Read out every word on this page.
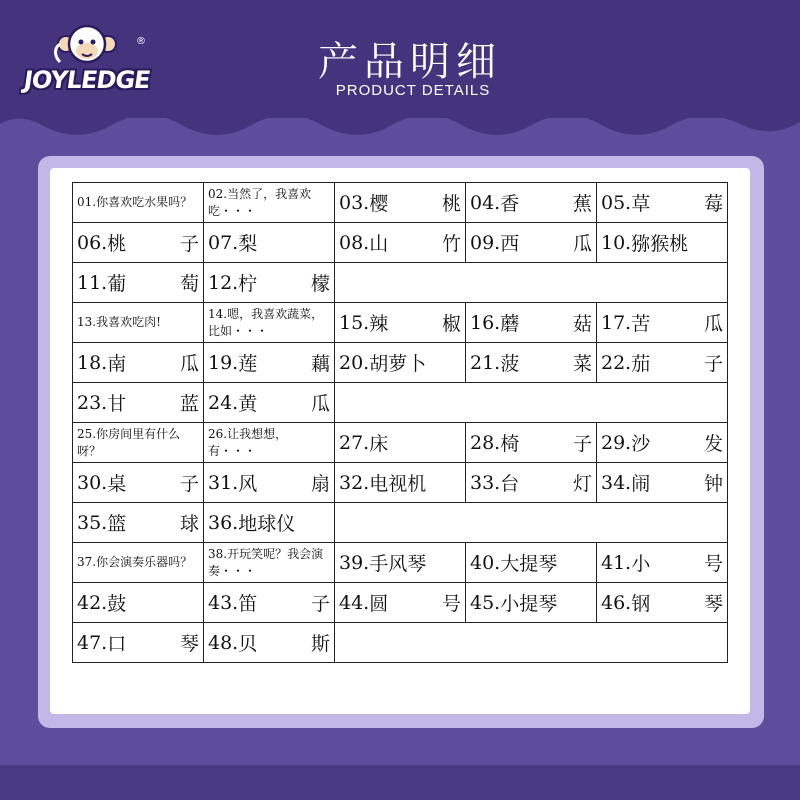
JOYLEDGE
®	产品明细
PRODUCT DETAILS
01.你喜欢吃水果吗？	02.当然了，我喜欢吃・・・	03. 樱 桃	04. 香 蕉	05. 草 莓

06. 桃 子	07. 梨	08. 山 竹	09. 西 瓜	10. 猕猴桃

11. 葡 萄	12. 柠 檬			

13.我喜欢吃肉!	14.嗯，我喜欢蔬菜，比如・・・	15. 辣 椒	16. 蘑 菇	17. 苦 瓜

18. 南 瓜	19. 莲 藕	20. 胡萝卜	21. 菠 菜	22. 茄 子

23. 甘 蓝	24. 黄 瓜			

25.你房间里有什么呀？	26.让我想想，有・・・	27. 床	28. 椅 子	29. 沙 发

30. 桌 子	31. 风 扇	32. 电视机	33. 台 灯	34. 闹 钟

35. 篮 球	36. 地球仪			

37.你会演奏乐器吗？	38.开玩笑呢？我会演奏・・・	39. 手风琴	40. 大提琴	41. 小 号

42. 鼓	43. 笛 子	44. 圆 号	45. 小提琴	46. 钢 琴

47. 口 琴	48. 贝 斯			
